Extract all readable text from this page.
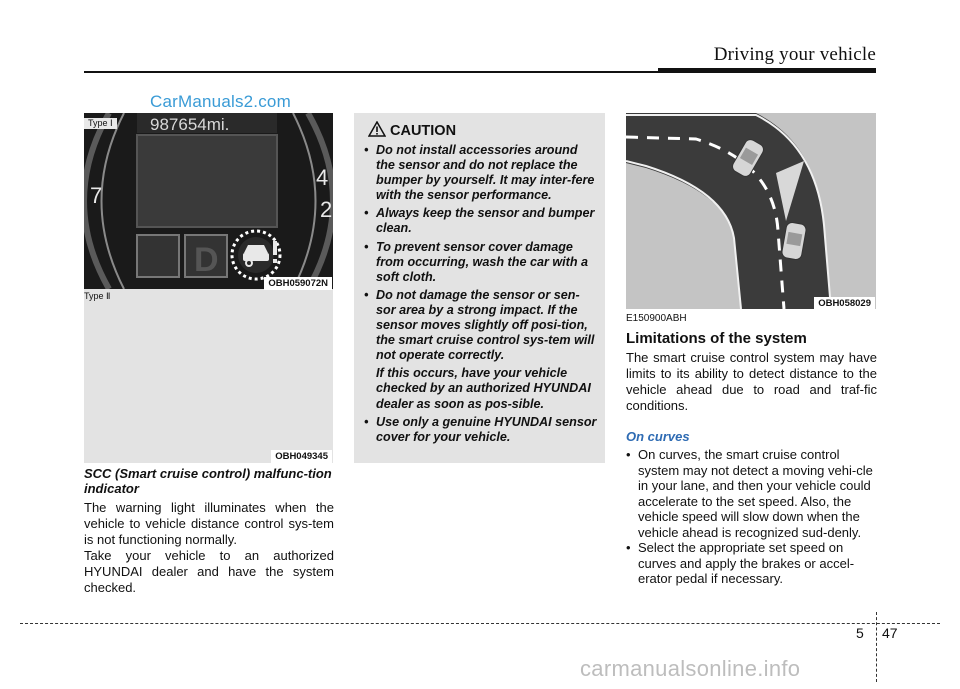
Driving your vehicle
CarManuals2.com
7
4
2
987654mi.
D
Type Ⅰ
Type Ⅱ
OBH059072N
OBH049345
SCC (Smart cruise control) malfunc-tion indicator
The warning light illuminates when the vehicle to vehicle distance control sys-tem is not functioning normally.
Take your vehicle to an authorized HYUNDAI dealer and have the system checked.
CAUTION
• Do not install accessories around the sensor and do not replace the bumper by yourself. It may inter-fere with the sensor performance.
• Always keep the sensor and bumper clean.
• To prevent sensor cover damage from occurring, wash the car with a soft cloth.
• Do not damage the sensor or sen-sor area by a strong impact. If the sensor moves slightly off posi-tion, the smart cruise control sys-tem will not operate correctly.
If this occurs, have your vehicle checked by an authorized HYUNDAI dealer as soon as pos-sible.
• Use only a genuine HYUNDAI sensor cover for your vehicle.
OBH058029
E150900ABH
Limitations of the system
The smart cruise control system may have limits to its ability to detect distance to the vehicle ahead due to road and traf-fic conditions.
On curves
• On curves, the smart cruise control system may not detect a moving vehi-cle in your lane, and then your vehicle could accelerate to the set speed. Also, the vehicle speed will slow down when the vehicle ahead is recognized sud-denly.
• Select the appropriate set speed on curves and apply the brakes or accel-erator pedal if necessary.
5 47
carmanualsonline.info
